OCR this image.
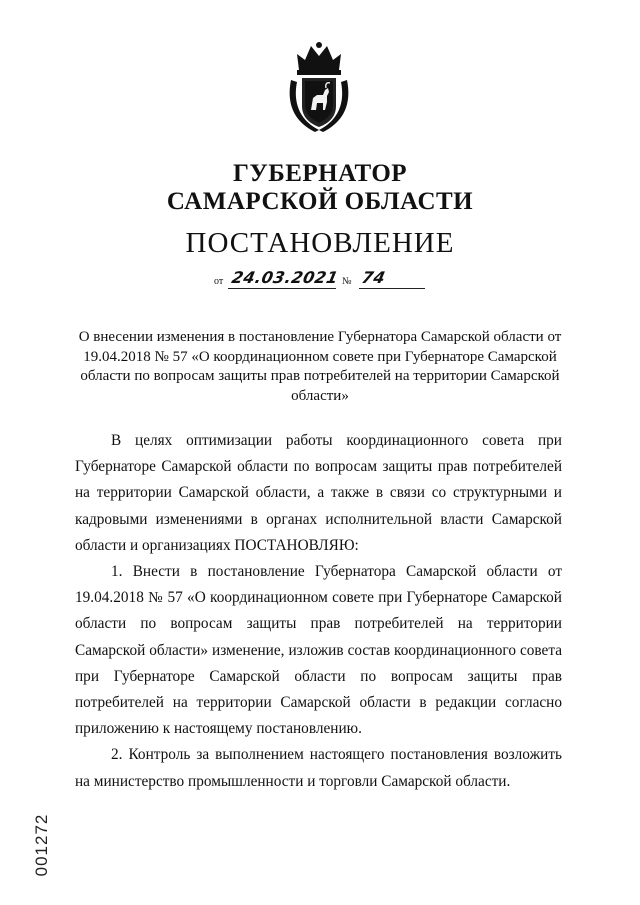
ГУБЕРНАТОР
САМАРСКОЙ ОБЛАСТИ
ПОСТАНОВЛЕНИЕ
от 24.03.2021 № 74
О внесении изменения в постановление Губернатора Самарской области от 19.04.2018 № 57 «О координационном совете при Губернаторе Самарской области по вопросам защиты прав потребителей на территории Самарской области»

В целях оптимизации работы координационного совета при Губернаторе Самарской области по вопросам защиты прав потребителей на территории Самарской области, а также в связи со структурными и кадровыми изменениями в органах исполнительной власти Самарской области и организациях ПОСТАНОВЛЯЮ:

1. Внести в постановление Губернатора Самарской области от 19.04.2018 № 57 «О координационном совете при Губернаторе Самарской области по вопросам защиты прав потребителей на территории Самарской области» изменение, изложив состав координационного совета при Губернаторе Самарской области по вопросам защиты прав потребителей на территории Самарской области в редакции согласно приложению к настоящему постановлению.

2. Контроль за выполнением настоящего постановления возложить на министерство промышленности и торговли Самарской области.

001272
